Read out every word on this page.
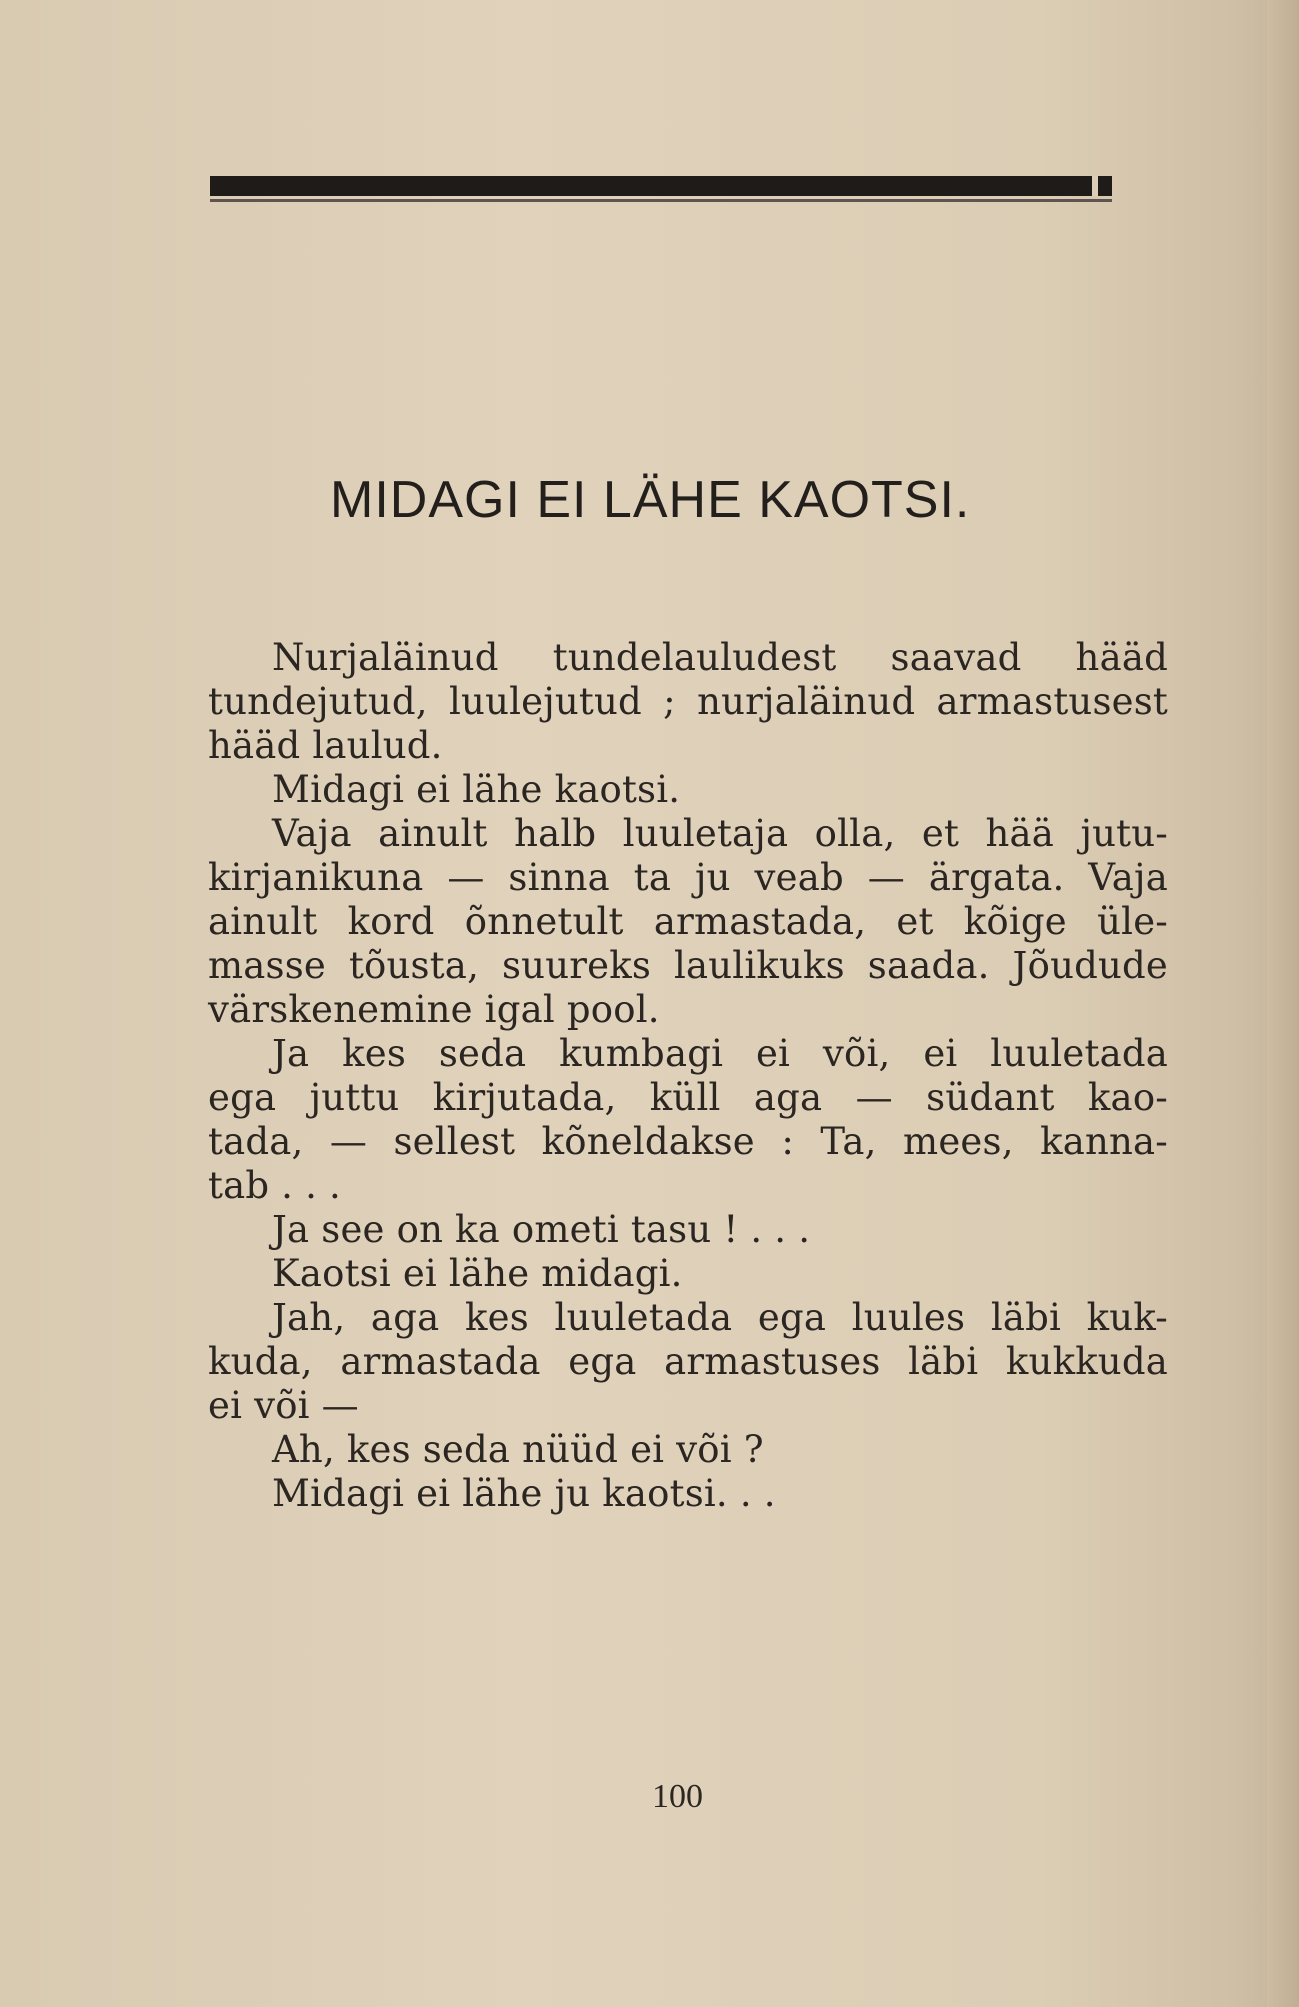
MIDAGI EI LÄHE KAOTSI.
Nurjaläinud tundelauludest saavad hääd
tundejutud, luulejutud ; nurjaläinud armastusest
hääd laulud.
Midagi ei lähe kaotsi.
Vaja ainult halb luuletaja olla, et hää jutu-
kirjanikuna — sinna ta ju veab — ärgata. Vaja
ainult kord õnnetult armastada, et kõige üle-
masse tõusta, suureks laulikuks saada. Jõudude
värskenemine igal pool.
Ja kes seda kumbagi ei või, ei luuletada
ega juttu kirjutada, küll aga — südant kao-
tada, — sellest kõneldakse : Ta, mees, kanna-
tab . . .
Ja see on ka ometi tasu ! . . .
Kaotsi ei lähe midagi.
Jah, aga kes luuletada ega luules läbi kuk-
kuda, armastada ega armastuses läbi kukkuda
ei või —
Ah, kes seda nüüd ei või ?
Midagi ei lähe ju kaotsi. . .
100
